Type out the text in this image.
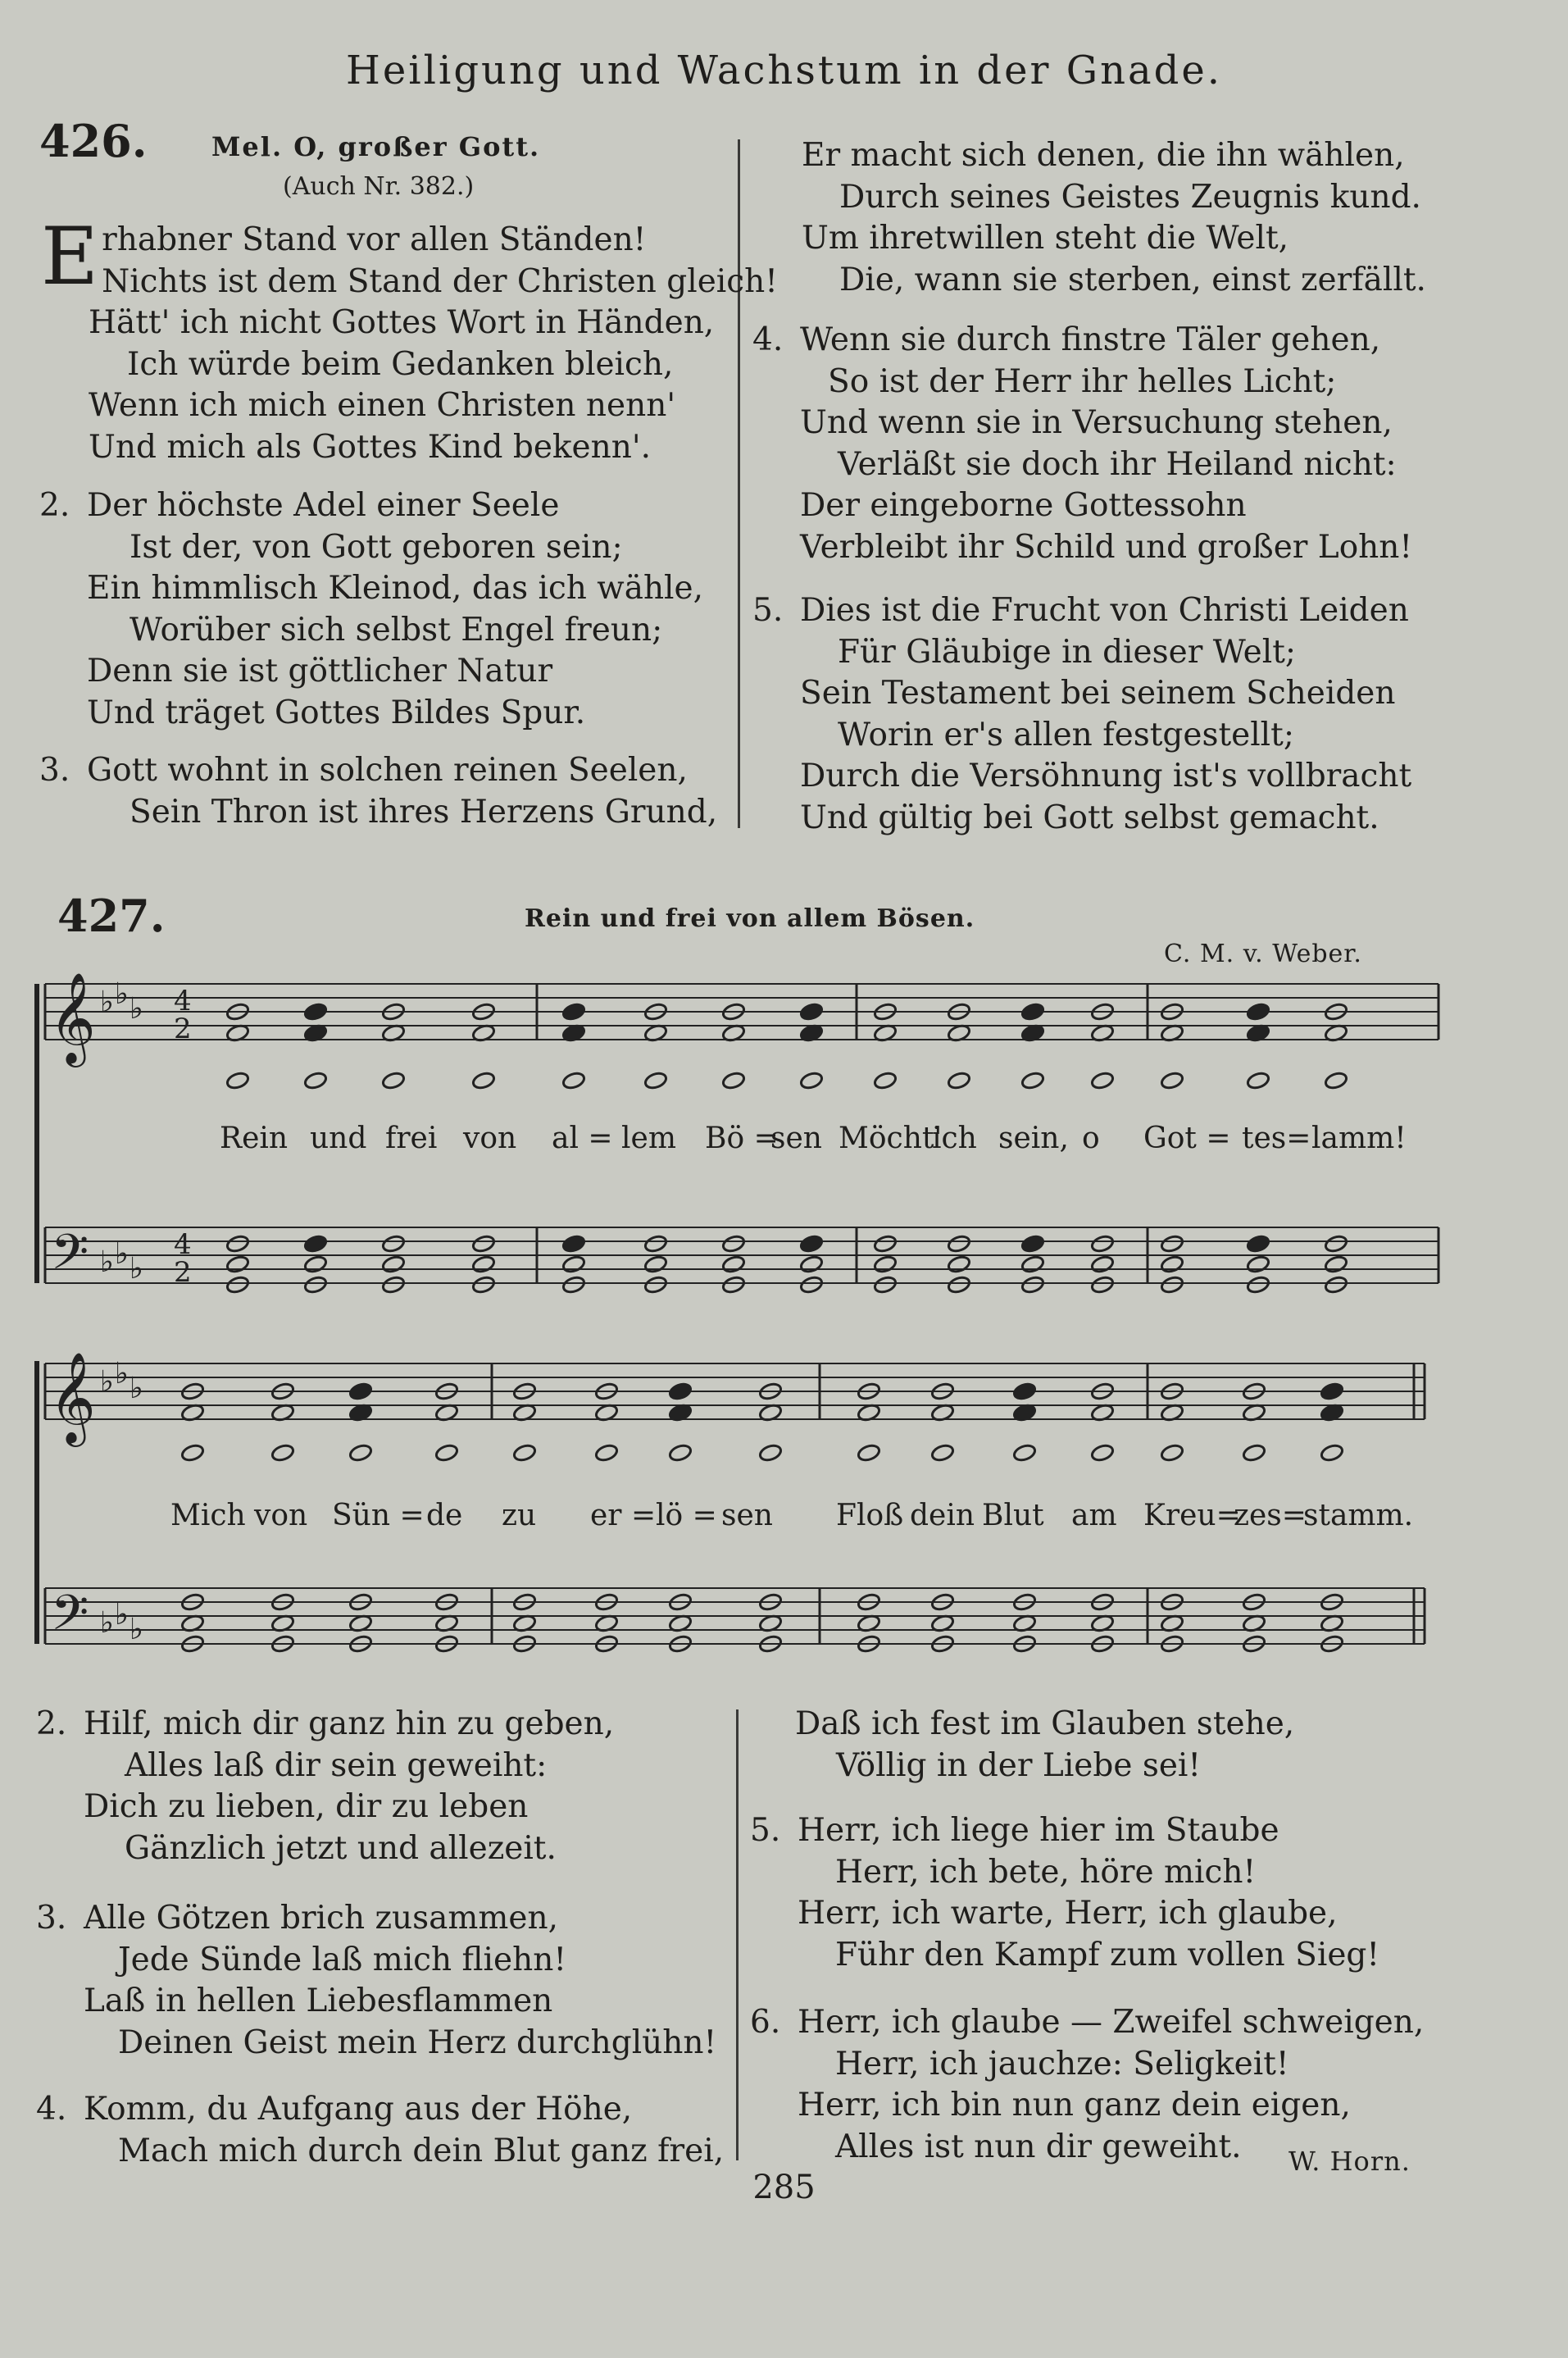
Heiligung und Wachstum in der Gnade.
426. Mel. O, großer Gott.
(Auch Nr. 382.)
E rhabner Stand vor allen Ständen!
Nichts ist dem Stand der Christen gleich!
Hätt' ich nicht Gottes Wort in Händen,
Ich würde beim Gedanken bleich,
Wenn ich mich einen Christen nenn'
Und mich als Gottes Kind bekenn'.
2. Der höchste Adel einer Seele
Ist der, von Gott geboren sein;
Ein himmlisch Kleinod, das ich wähle,
Worüber sich selbst Engel freun;
Denn sie ist göttlicher Natur
Und träget Gottes Bildes Spur.
3. Gott wohnt in solchen reinen Seelen,
Sein Thron ist ihres Herzens Grund,
Er macht sich denen, die ihn wählen,
Durch seines Geistes Zeugnis kund.
Um ihretwillen steht die Welt,
Die, wann sie sterben, einst zerfällt.
4. Wenn sie durch finstre Täler gehen,
So ist der Herr ihr helles Licht;
Und wenn sie in Versuchung stehen,
Verläßt sie doch ihr Heiland nicht:
Der eingeborne Gottessohn
Verbleibt ihr Schild und großer Lohn!
5. Dies ist die Frucht von Christi Leiden
Für Gläubige in dieser Welt;
Sein Testament bei seinem Scheiden
Worin er's allen festgestellt;
Durch die Versöhnung ist's vollbracht
Und gültig bei Gott selbst gemacht.
427.	Rein und frei von allem Bösen.
C. M. v. Weber.
𝄞
𝄞
𝄢
𝄢
♭ ♭ ♭
♭ ♭ ♭
♭ ♭ ♭
♭ ♭ ♭
4
2
4
2
Rein und frei von al = lem Bö =
sen Möcht'
ich sein, o Got = tes= lamm!
Mich von Sün = de zu er = lö = sen Floß dein Blut am Kreu=
zes=
stamm.
2. Hilf, mich dir ganz hin zu geben,
Alles laß dir sein geweiht:
Dich zu lieben, dir zu leben
Gänzlich jetzt und allezeit.
3. Alle Götzen brich zusammen,
Jede Sünde laß mich fliehn!
Laß in hellen Liebesflammen
Deinen Geist mein Herz durchglühn!
4. Komm, du Aufgang aus der Höhe,
Mach mich durch dein Blut ganz frei,
Daß ich fest im Glauben stehe,
Völlig in der Liebe sei!
5. Herr, ich liege hier im Staube
Herr, ich bete, höre mich!
Herr, ich warte, Herr, ich glaube,
Führ den Kampf zum vollen Sieg!
6. Herr, ich glaube — Zweifel schweigen,
Herr, ich jauchze: Seligkeit!
Herr, ich bin nun ganz dein eigen,
Alles ist nun dir geweiht.	W. Horn.
285
